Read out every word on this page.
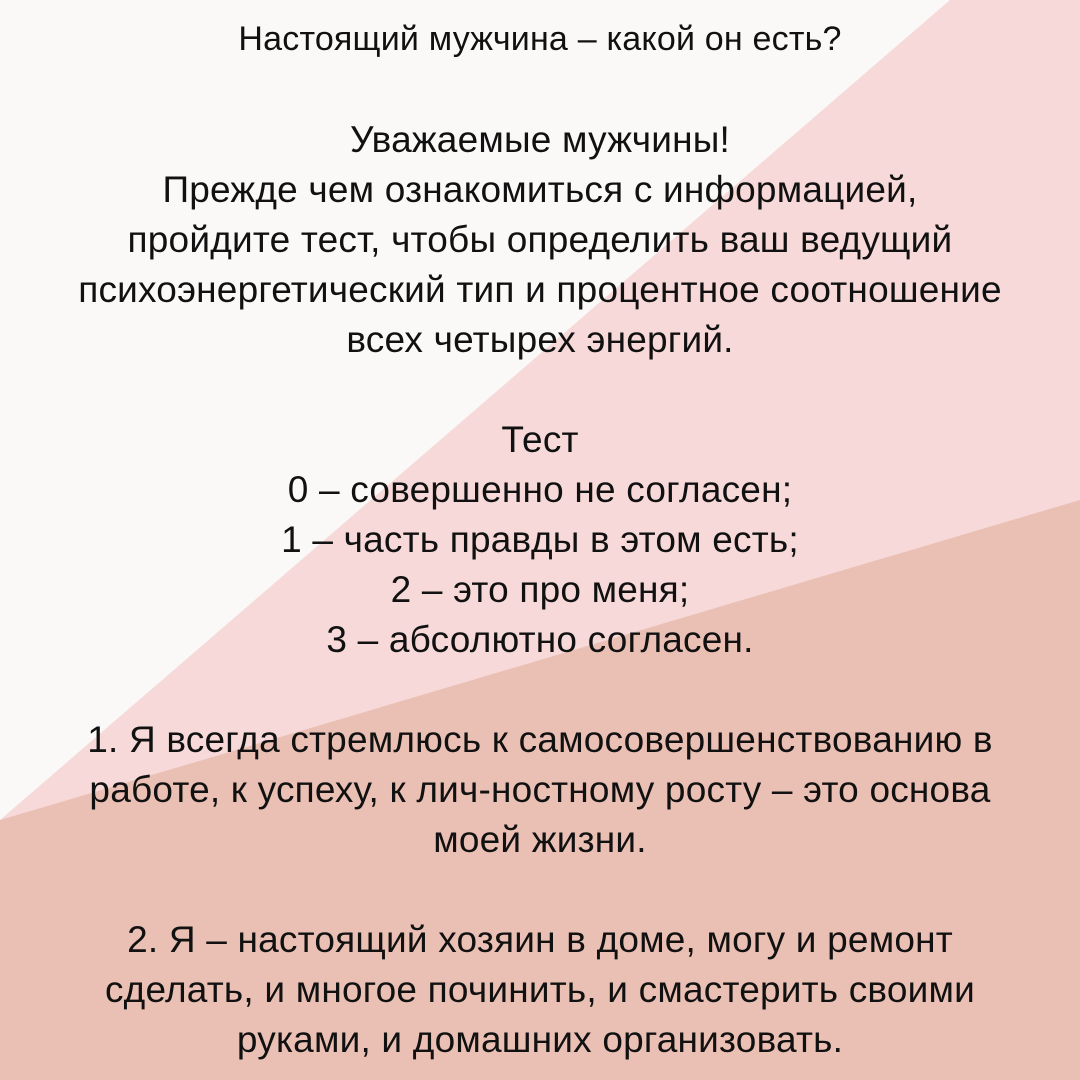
Настоящий мужчина – какой он есть?
Уважаемые мужчины!
Прежде чем ознакомиться с информацией,
пройдите тест, чтобы определить ваш ведущий
психоэнергетический тип и процентное соотношение
всех четырех энергий.
Тест
0 – совершенно не согласен;
1 – часть правды в этом есть;
2 – это про меня;
3 – абсолютно согласен.
1. Я всегда стремлюсь к самосовершенствованию в
работе, к успеху, к лич-ностному росту – это основа
моей жизни.
2. Я – настоящий хозяин в доме, могу и ремонт
сделать, и многое починить, и смастерить своими
руками, и домашних организовать.
